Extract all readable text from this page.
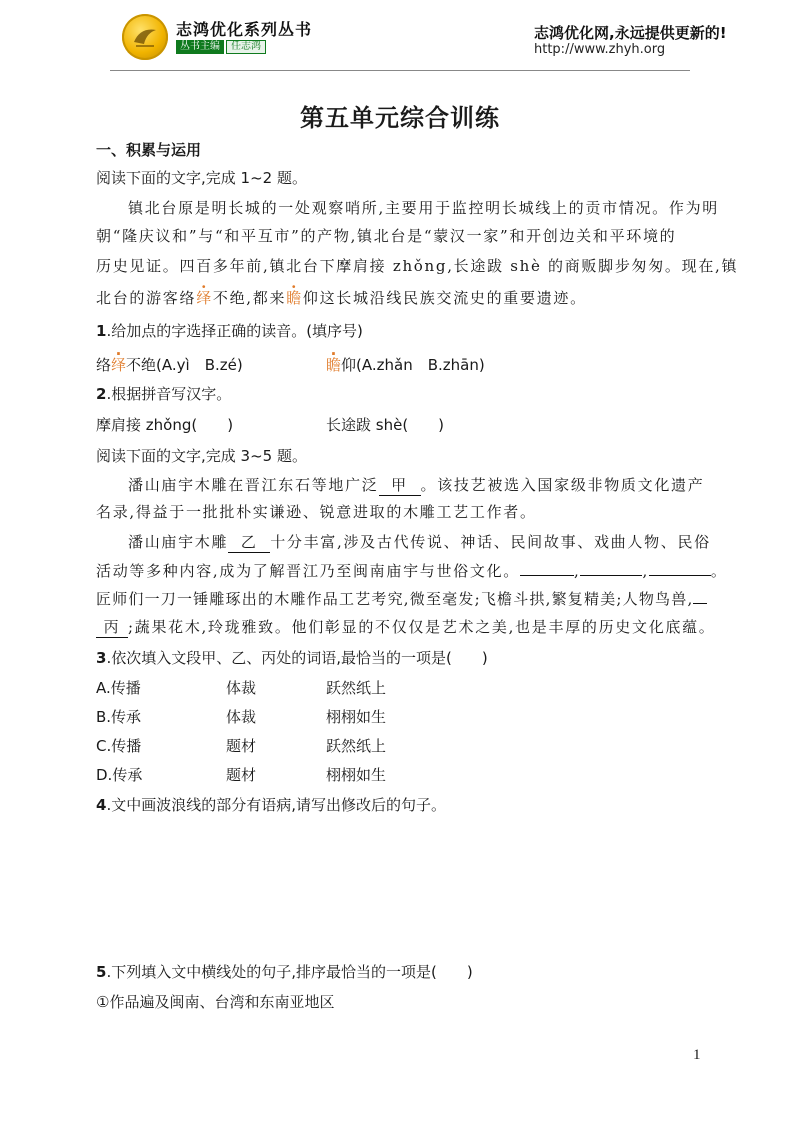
志鸿优化系列丛书
丛书主编	任志鸿
志鸿优化网,永远提供更新的!
http://www.zhyh.org
第五单元综合训练
一、积累与运用
阅读下面的文字,完成 1~2 题。
镇北台原是明长城的一处观察哨所,主要用于监控明长城线上的贡市情况。作为明
朝“隆庆议和”与“和平互市”的产物,镇北台是“蒙汉一家”和开创边关和平环境的
历史见证。四百多年前,镇北台下摩肩接 zhǒng,长途跋 shè 的商贩脚步匆匆。现在,镇
北台的游客络绎不绝,都来瞻仰这长城沿线民族交流史的重要遗迹。
1.给加点的字选择正确的读音。(填序号)
络绎不绝(A.yì　B.zé)	瞻仰(A.zhǎn　B.zhān)
2.根据拼音写汉字。
摩肩接 zhǒng(　　)	长途跋 shè(　　)
阅读下面的文字,完成 3~5 题。
潘山庙宇木雕在晋江东石等地广泛 甲 。该技艺被选入国家级非物质文化遗产
名录,得益于一批批朴实谦逊、锐意进取的木雕工艺工作者。
潘山庙宇木雕 乙 十分丰富,涉及古代传说、神话、民间故事、戏曲人物、民俗
活动等多种内容,成为了解晋江乃至闽南庙宇与世俗文化。	,	,	。
匠师们一刀一锤雕琢出的木雕作品工艺考究,微至毫发;飞檐斗拱,繁复精美;人物鸟兽,
丙 ;蔬果花木,玲珑雅致。他们彰显的不仅仅是艺术之美,也是丰厚的历史文化底蕴。
3.依次填入文段甲、乙、丙处的词语,最恰当的一项是(　　)
A.传播	体裁	跃然纸上
B.传承	体裁	栩栩如生
C.传播	题材	跃然纸上
D.传承	题材	栩栩如生
4.文中画波浪线的部分有语病,请写出修改后的句子。
5.下列填入文中横线处的句子,排序最恰当的一项是(　　)
①作品遍及闽南、台湾和东南亚地区
1
